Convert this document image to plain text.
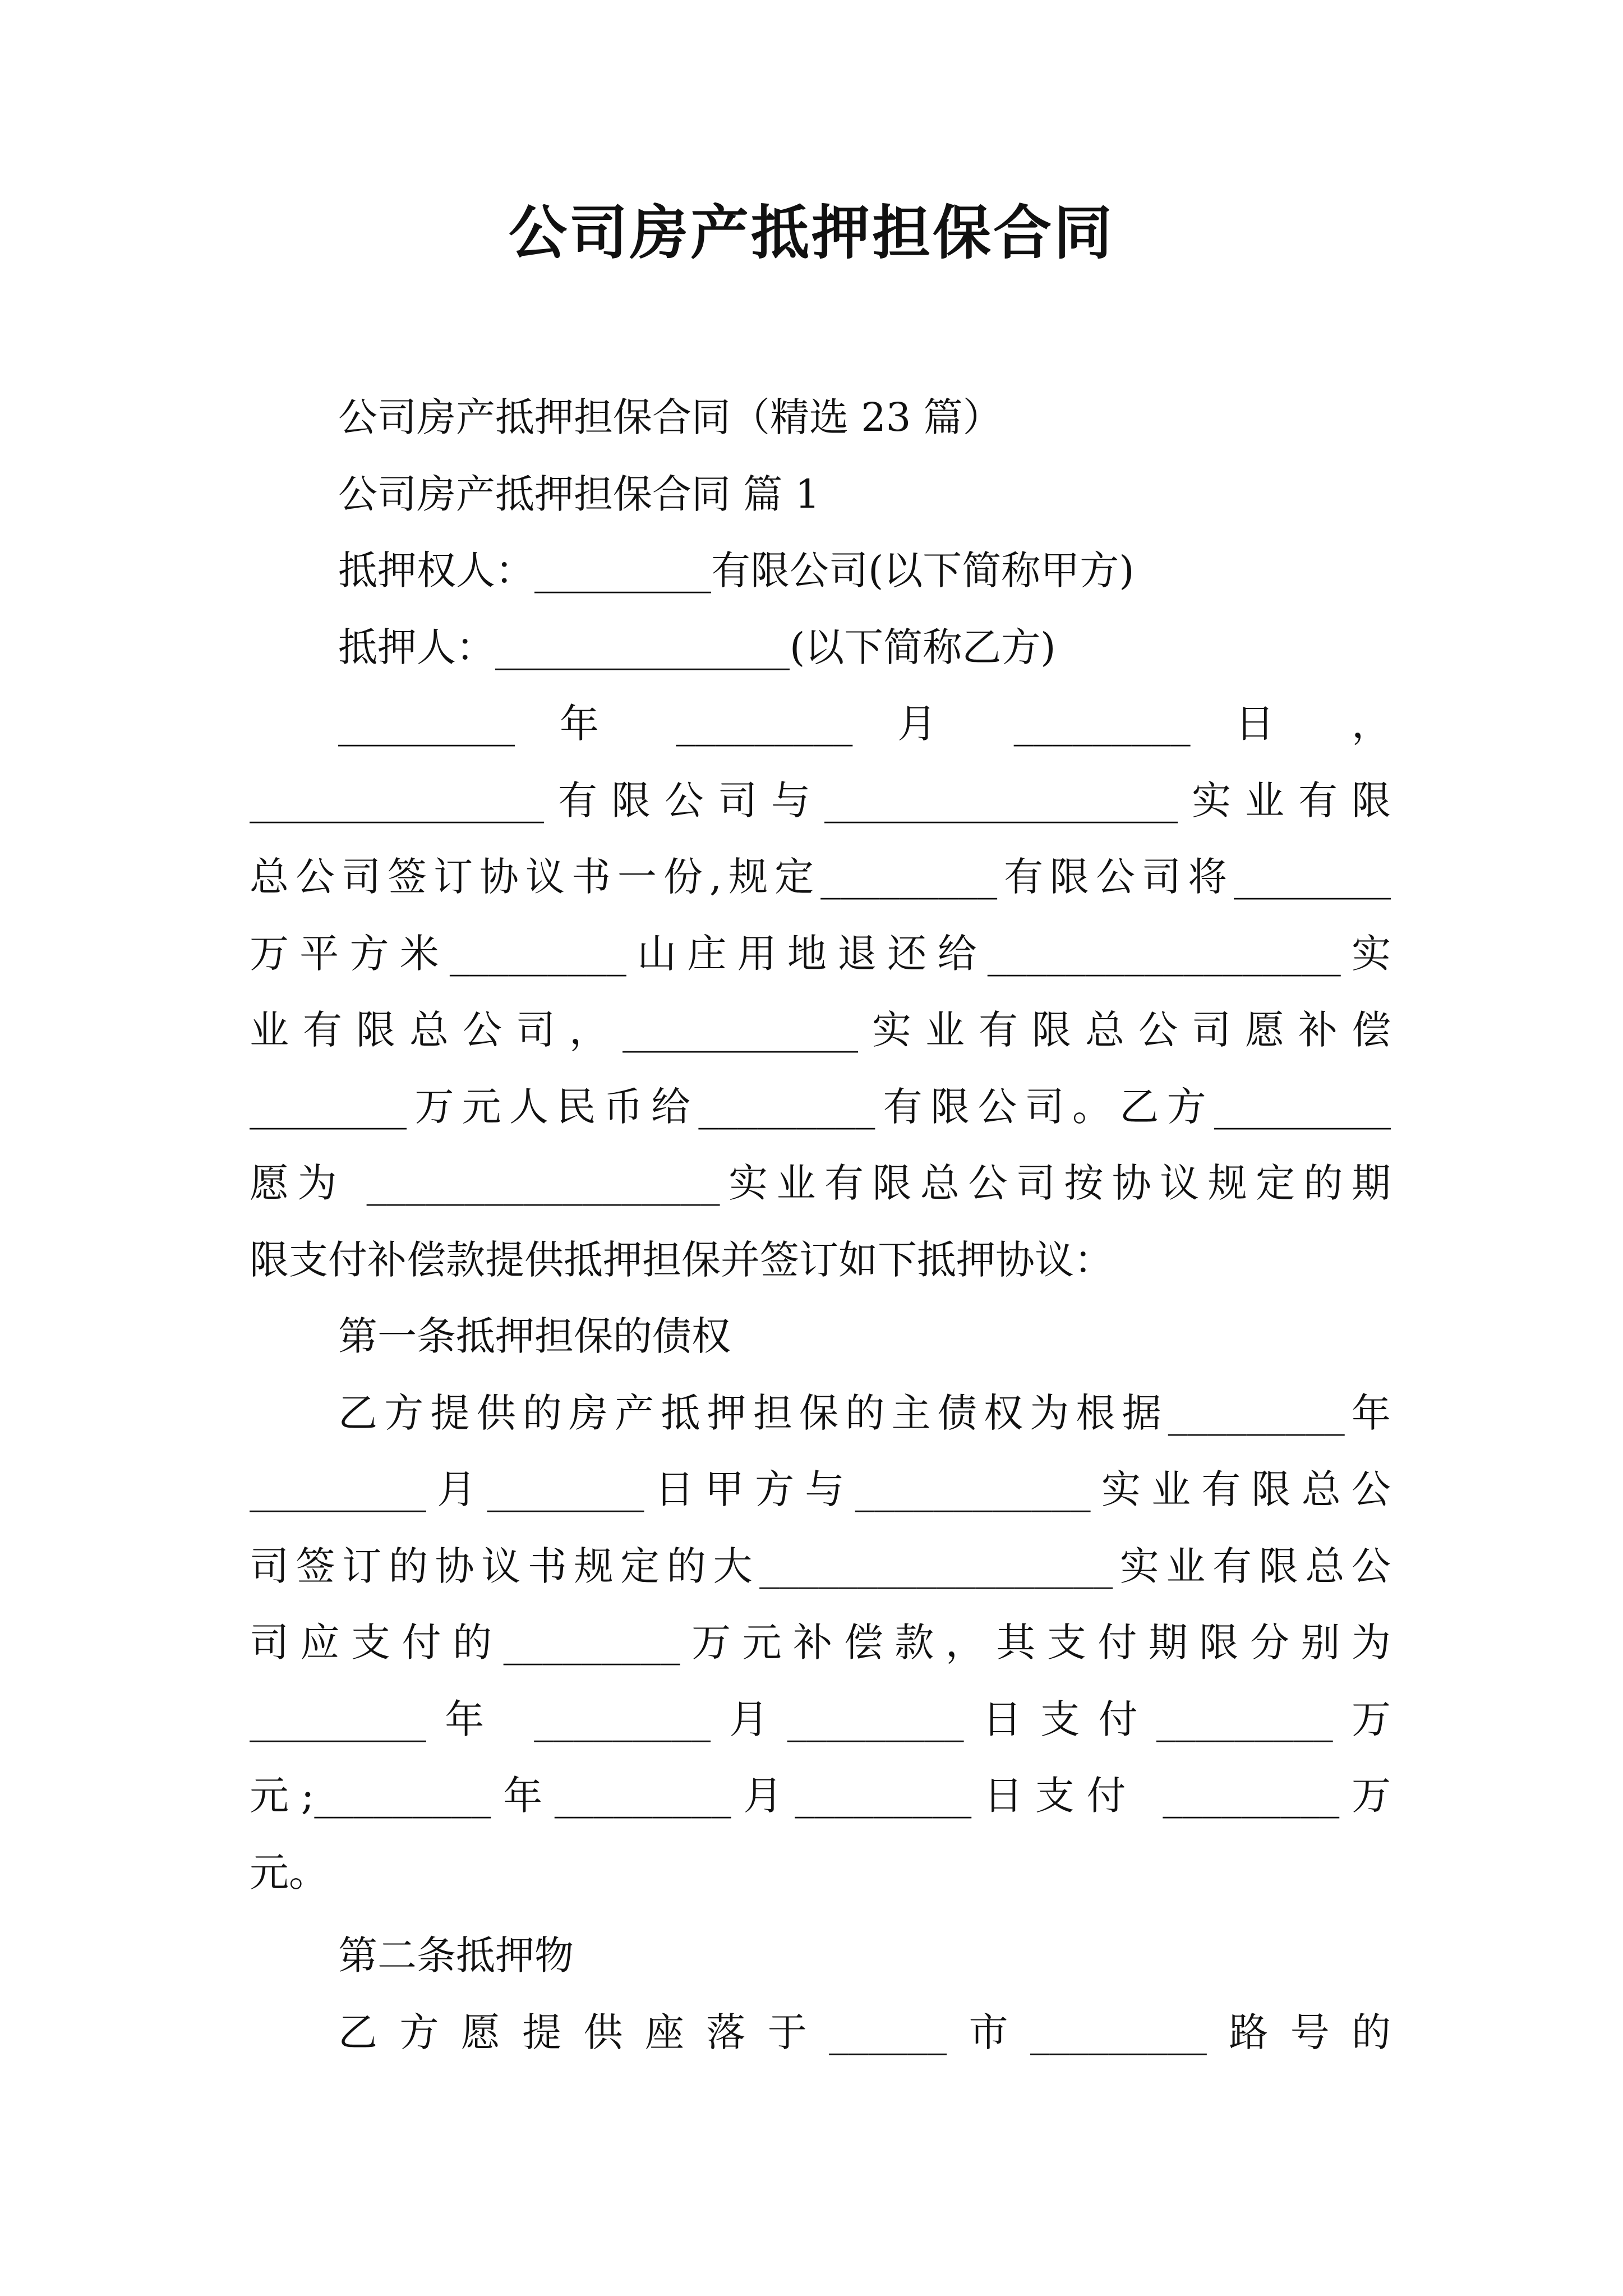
公司房产抵押担保合同
公司房产抵押担保合同（精选 23 篇）
公司房产抵押担保合同 篇 1
抵押权人：_________有限公司(以下简称甲方)
抵押人：_______________(以下简称乙方)
_________ 年 _________ 月 _________ 日 ，
_______________有限公司与__________________实业有限
总公司签订协议书一份,规定_________有限公司将________
万平方米_________山庄用地退还给__________________实
业有限总公司，____________实业有限总公司愿补偿
________万元人民币给_________有限公司。乙方_________
愿为 __________________实业有限总公司按协议规定的期
限支付补偿款提供抵押担保并签订如下抵押协议：
第一条抵押担保的债权
乙方提供的房产抵押担保的主债权为根据_________年
_________月________日甲方与____________实业有限总公
司签订的协议书规定的大__________________实业有限总公
司应支付的_________万元补偿款，其支付期限分别为
_________年 _________月_________日支付_________万
元;_________年_________月_________日支付 _________万
元。
第二条抵押物
乙方愿提供座落于______市_________路号的
